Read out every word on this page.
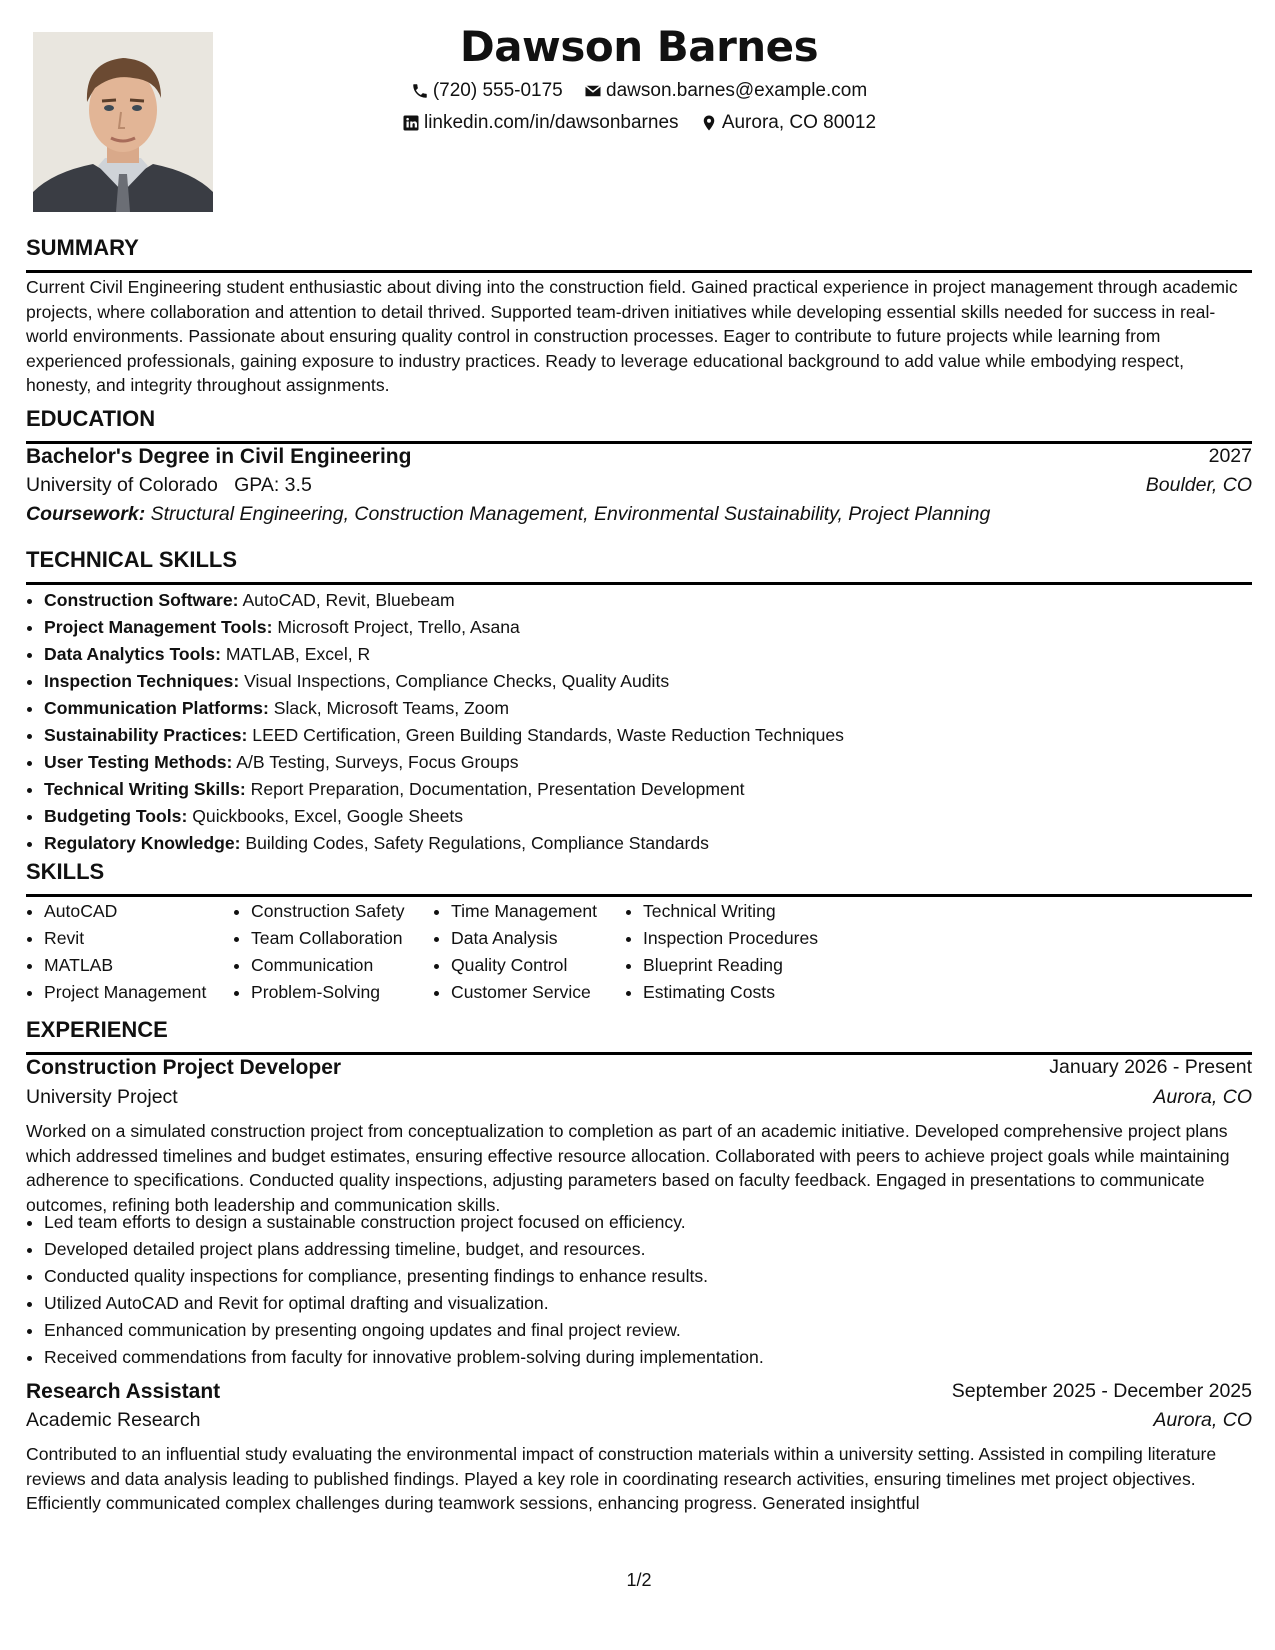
Dawson Barnes
(720) 555-0175
dawson.barnes@example.com
linkedin.com/in/dawsonbarnes
Aurora, CO 80012
SUMMARY
Current Civil Engineering student enthusiastic about diving into the construction field. Gained practical experience in project management through academic projects, where collaboration and attention to detail thrived. Supported team-driven initiatives while developing essential skills needed for success in real-world environments. Passionate about ensuring quality control in construction processes. Eager to contribute to future projects while learning from experienced professionals, gaining exposure to industry practices. Ready to leverage educational background to add value while embodying respect, honesty, and integrity throughout assignments.
EDUCATION
Bachelor's Degree in Civil Engineering	2027
University of Colorado GPA: 3.5	Boulder, CO
Coursework: Structural Engineering, Construction Management, Environmental Sustainability, Project Planning
TECHNICAL SKILLS
• Construction Software: AutoCAD, Revit, Bluebeam
• Project Management Tools: Microsoft Project, Trello, Asana
• Data Analytics Tools: MATLAB, Excel, R
• Inspection Techniques: Visual Inspections, Compliance Checks, Quality Audits
• Communication Platforms: Slack, Microsoft Teams, Zoom
• Sustainability Practices: LEED Certification, Green Building Standards, Waste Reduction Techniques
• User Testing Methods: A/B Testing, Surveys, Focus Groups
• Technical Writing Skills: Report Preparation, Documentation, Presentation Development
• Budgeting Tools: Quickbooks, Excel, Google Sheets
• Regulatory Knowledge: Building Codes, Safety Regulations, Compliance Standards
SKILLS
• AutoCAD
• Revit
• MATLAB
• Project Management
• Construction Safety
• Team Collaboration
• Communication
• Problem-Solving
• Time Management
• Data Analysis
• Quality Control
• Customer Service
• Technical Writing
• Inspection Procedures
• Blueprint Reading
• Estimating Costs
EXPERIENCE
Construction Project Developer	January 2026 - Present
University Project	Aurora, CO
Worked on a simulated construction project from conceptualization to completion as part of an academic initiative. Developed comprehensive project plans which addressed timelines and budget estimates, ensuring effective resource allocation. Collaborated with peers to achieve project goals while maintaining adherence to specifications. Conducted quality inspections, adjusting parameters based on faculty feedback. Engaged in presentations to communicate outcomes, refining both leadership and communication skills.
• Led team efforts to design a sustainable construction project focused on efficiency.
• Developed detailed project plans addressing timeline, budget, and resources.
• Conducted quality inspections for compliance, presenting findings to enhance results.
• Utilized AutoCAD and Revit for optimal drafting and visualization.
• Enhanced communication by presenting ongoing updates and final project review.
• Received commendations from faculty for innovative problem-solving during implementation.
Research Assistant	September 2025 - December 2025
Academic Research	Aurora, CO
Contributed to an influential study evaluating the environmental impact of construction materials within a university setting. Assisted in compiling literature reviews and data analysis leading to published findings. Played a key role in coordinating research activities, ensuring timelines met project objectives. Efficiently communicated complex challenges during teamwork sessions, enhancing progress. Generated insightful
1/2
